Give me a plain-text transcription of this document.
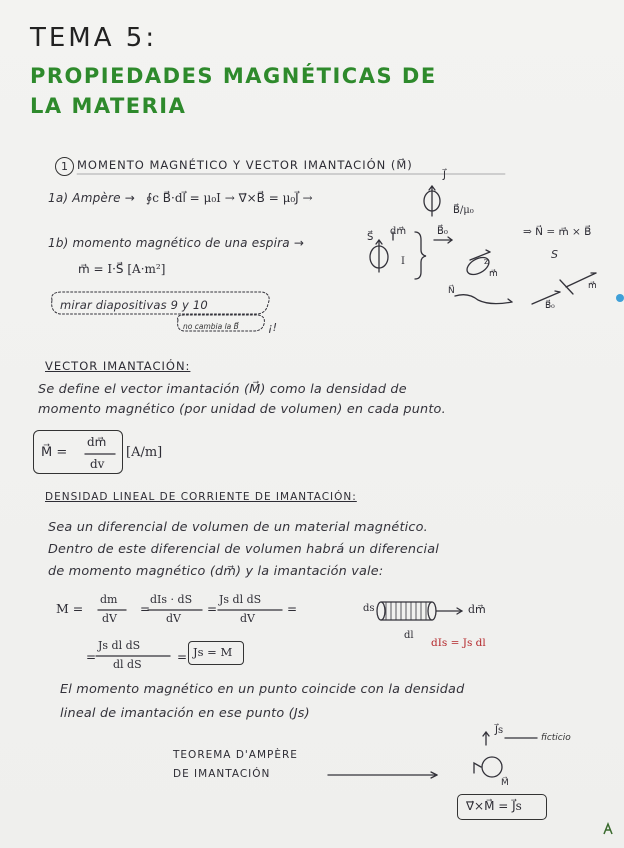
TEMA 5:
PROPIEDADES MAGNÉTICAS DE
LA MATERIA
1 MOMENTO MAGNÉTICO Y VECTOR IMANTACIÓN (M⃗)
1a) Ampère → ∮c B⃗·dl⃗ = μ₀I → ∇⃗×B⃗ = μ₀J⃗ →
J⃗
B⃗/μ₀
1b) momento magnético de una espira →
m⃗ = I·S⃗ [A·m²]
S⃗
dm⃗
I
B⃗₀	⇒ N⃗ = m⃗ × B⃗
S
z
m⃗
N⃗
B⃗₀
m⃗
mirar diapositivas 9 y 10
no cambia la B⃗	¡!
VECTOR IMANTACIÓN:
Se define el vector imantación (M⃗) como la densidad de
momento magnético (por unidad de volumen) en cada punto.
M⃗ =
dm⃗
dv
[A/m]
DENSIDAD LINEAL DE CORRIENTE DE IMANTACIÓN:
Sea un diferencial de volumen de un material magnético.
Dentro de este diferencial de volumen habrá un diferencial
de momento magnético (dm⃗) y la imantación vale:
M =
dm
dV
=
dIs · dS
dV
=
Js dl dS
dV
=
=
Js dl dS
dl dS
= Js = M
ds
dl
dm⃗
dIs = Js dl
El momento magnético en un punto coincide con la densidad
lineal de imantación en ese punto (Js)
J⃗s
ficticio
M⃗
TEOREMA D'AMPÈRE
DE IMANTACIÓN
∇⃗×M⃗ = J⃗s
